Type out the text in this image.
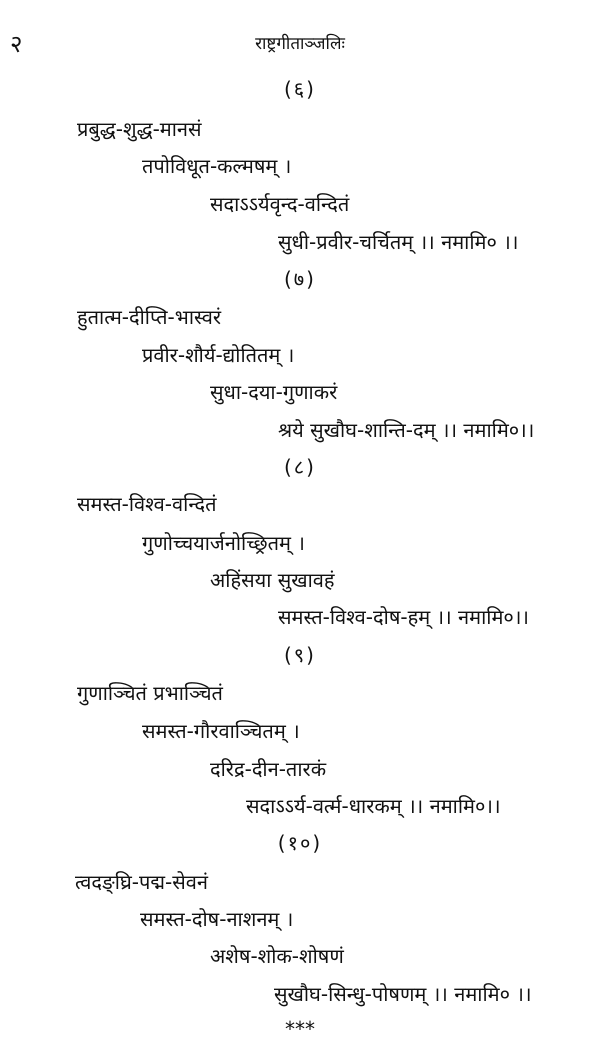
२	राष्ट्रगीताञ्जलिः
(६)
प्रबुद्ध-शुद्ध-मानसं
तपोविधूत-कल्मषम् ।
सदाऽऽर्यवृन्द-वन्दितं
सुधी-प्रवीर-चर्चितम् ।। नमामि० ।।
(७)
हुतात्म-दीप्ति-भास्वरं
प्रवीर-शौर्य-द्योतितम् ।
सुधा-दया-गुणाकरं
श्रये सुखौघ-शान्ति-दम् ।। नमामि०।।
(८)
समस्त-विश्व-वन्दितं
गुणोच्चयार्जनोच्छ्रितम् ।
अहिंसया सुखावहं
समस्त-विश्व-दोष-हम् ।। नमामि०।।
(९)
गुणाञ्चितं प्रभाञ्चितं
समस्त-गौरवाञ्चितम् ।
दरिद्र-दीन-तारकं
सदाऽऽर्य-वर्त्म-धारकम् ।। नमामि०।।
(१०)
त्वदङ्घ्रि-पद्म-सेवनं
समस्त-दोष-नाशनम् ।
अशेष-शोक-शोषणं
सुखौघ-सिन्धु-पोषणम् ।। नमामि० ।।
***
